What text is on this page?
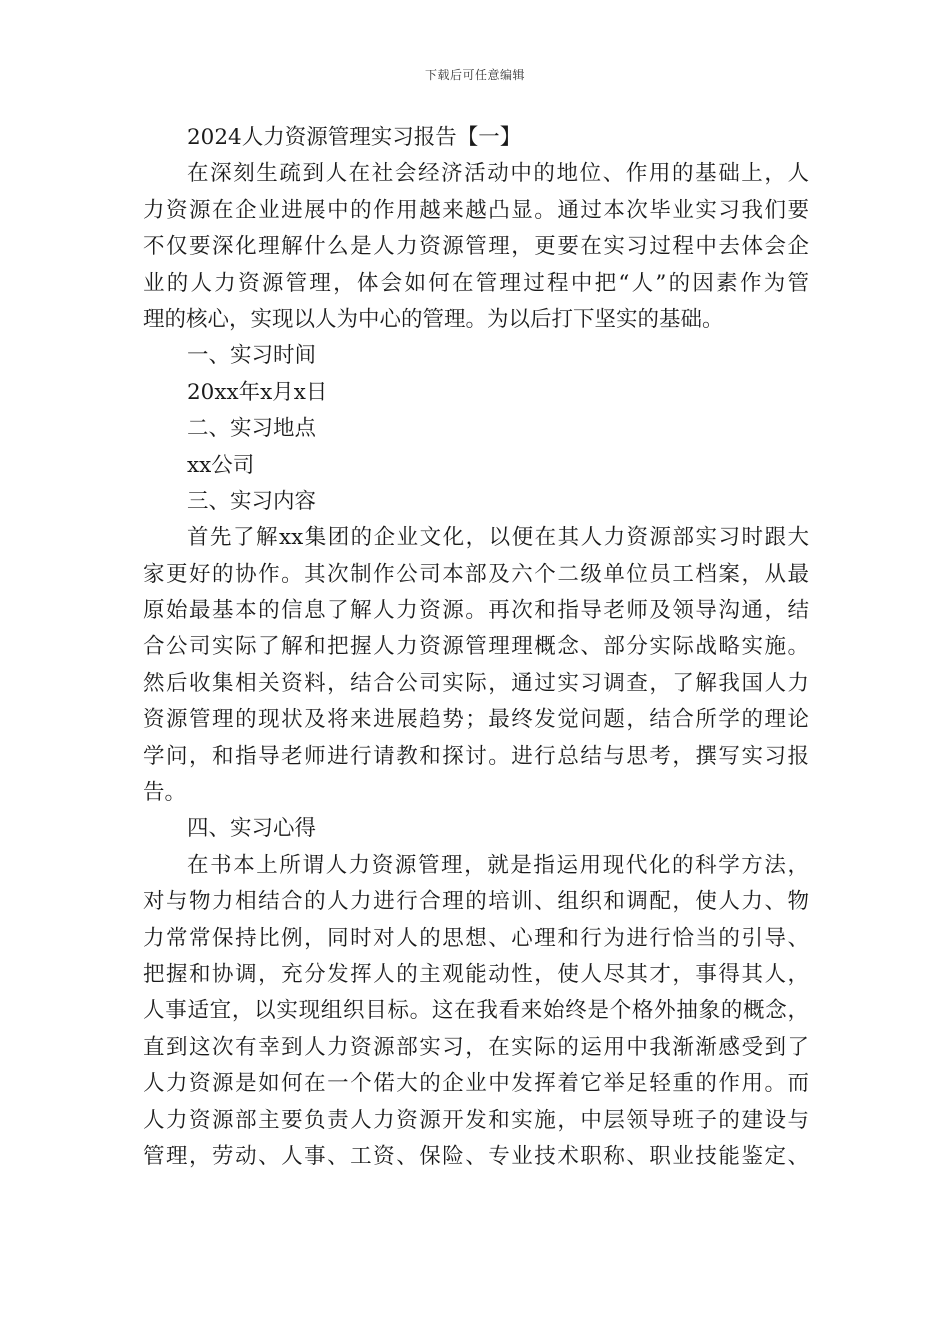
下载后可任意编辑
2024人力资源管理实习报告【一】
在深刻生疏到人在社会经济活动中的地位、作用的基础上，人
力资源在企业进展中的作用越来越凸显。通过本次毕业实习我们要
不仅要深化理解什么是人力资源管理，更要在实习过程中去体会企
业的人力资源管理，体会如何在管理过程中把“人”的因素作为管
理的核心，实现以人为中心的管理。为以后打下坚实的基础。
一、实习时间
20xx年x月x日
二、实习地点
xx公司
三、实习内容
首先了解xx集团的企业文化，以便在其人力资源部实习时跟大
家更好的协作。其次制作公司本部及六个二级单位员工档案，从最
原始最基本的信息了解人力资源。再次和指导老师及领导沟通，结
合公司实际了解和把握人力资源管理理概念、部分实际战略实施。
然后收集相关资料，结合公司实际，通过实习调查，了解我国人力
资源管理的现状及将来进展趋势；最终发觉问题，结合所学的理论
学问，和指导老师进行请教和探讨。进行总结与思考，撰写实习报
告。
四、实习心得
在书本上所谓人力资源管理，就是指运用现代化的科学方法，
对与物力相结合的人力进行合理的培训、组织和调配，使人力、物
力常常保持比例，同时对人的思想、心理和行为进行恰当的引导、
把握和协调，充分发挥人的主观能动性，使人尽其才，事得其人，
人事适宜，以实现组织目标。这在我看来始终是个格外抽象的概念，
直到这次有幸到人力资源部实习，在实际的运用中我渐渐感受到了
人力资源是如何在一个偌大的企业中发挥着它举足轻重的作用。而
人力资源部主要负责人力资源开发和实施，中层领导班子的建设与
管理，劳动、人事、工资、保险、专业技术职称、职业技能鉴定、
